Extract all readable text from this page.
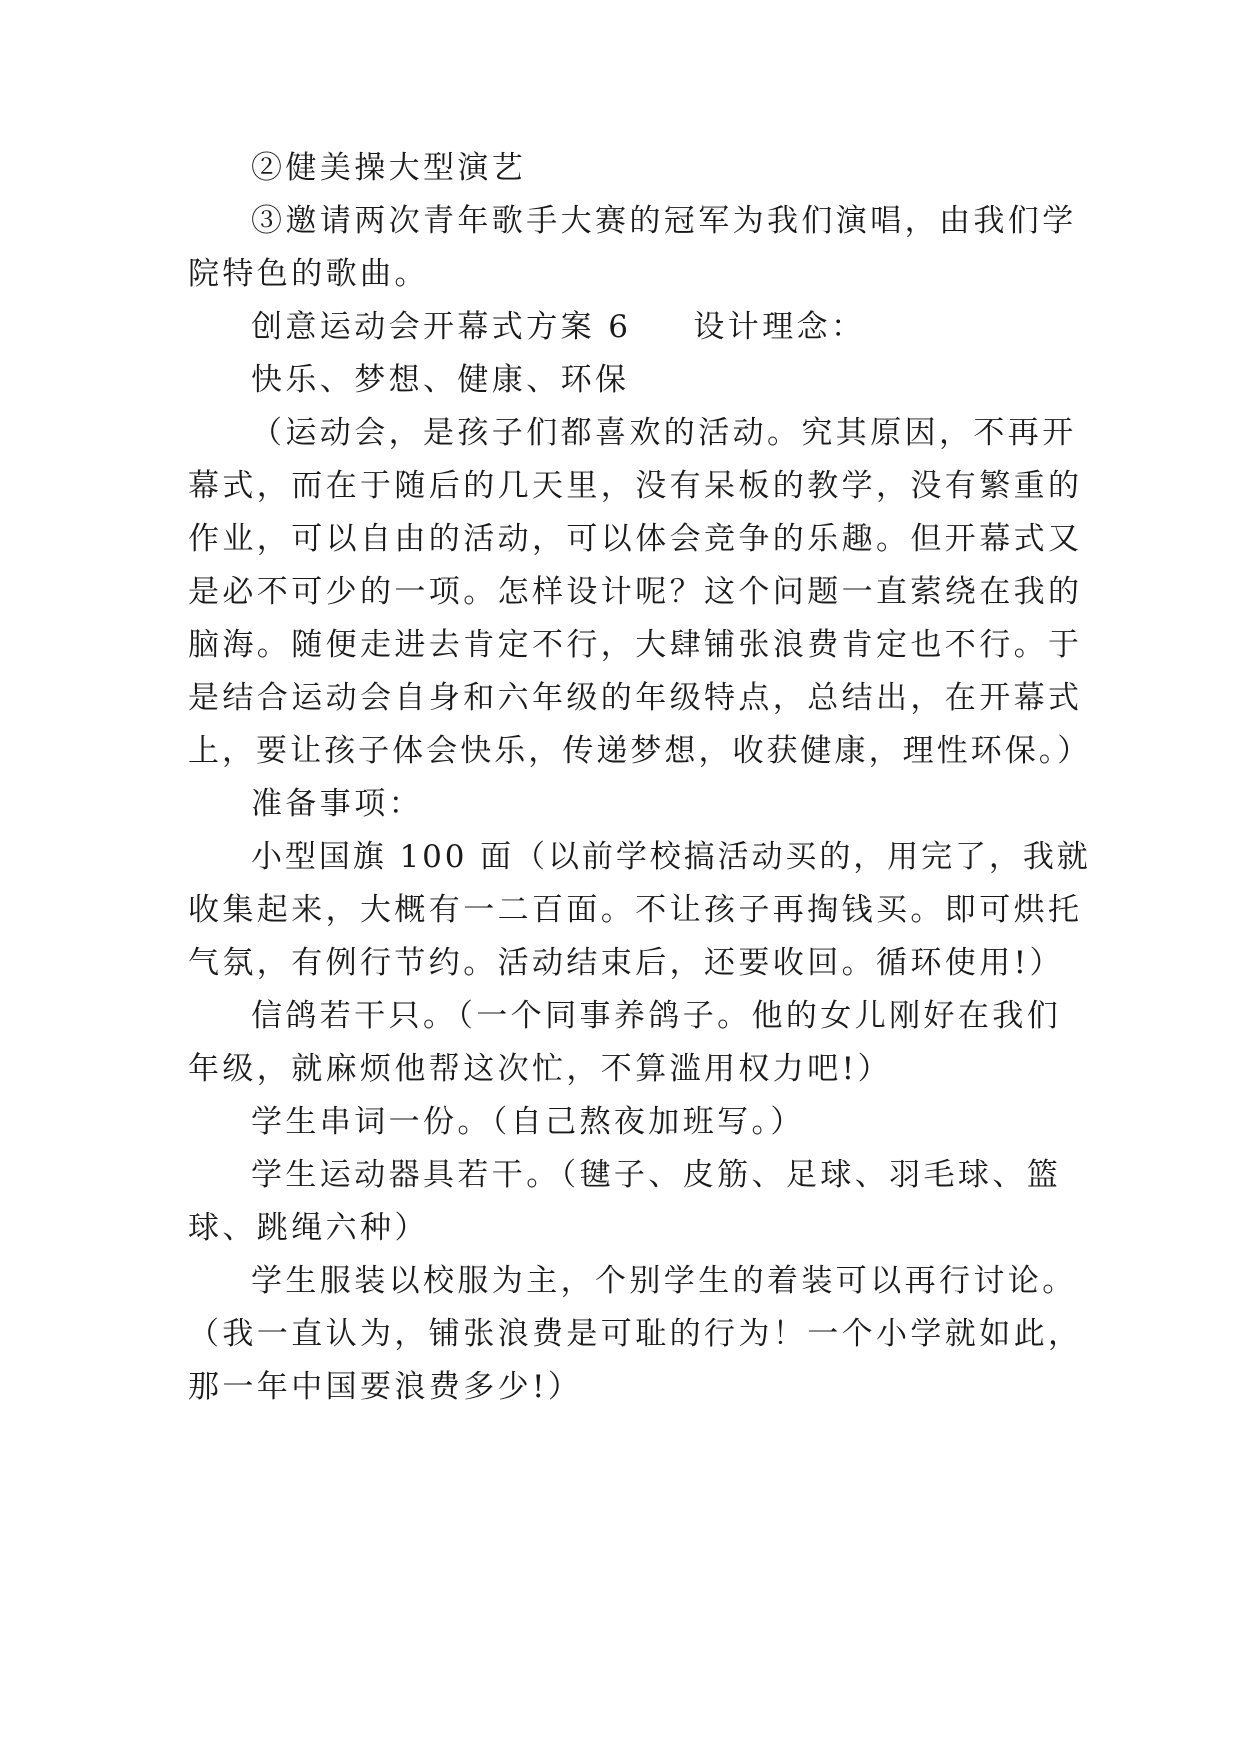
②健美操大型演艺
③邀请两次青年歌手大赛的冠军为我们演唱，由我们学
院特色的歌曲。
创意运动会开幕式方案 6 设计理念：
快乐、梦想、健康、环保
（运动会，是孩子们都喜欢的活动。究其原因，不再开
幕式，而在于随后的几天里，没有呆板的教学，没有繁重的
作业，可以自由的活动，可以体会竞争的乐趣。但开幕式又
是必不可少的一项。怎样设计呢？这个问题一直萦绕在我的
脑海。随便走进去肯定不行，大肆铺张浪费肯定也不行。于
是结合运动会自身和六年级的年级特点，总结出，在开幕式
上，要让孩子体会快乐，传递梦想，收获健康，理性环保。）
准备事项：
小型国旗 100 面（以前学校搞活动买的，用完了，我就
收集起来，大概有一二百面。不让孩子再掏钱买。即可烘托
气氛，有例行节约。活动结束后，还要收回。循环使用!）
信鸽若干只。（一个同事养鸽子。他的女儿刚好在我们
年级，就麻烦他帮这次忙，不算滥用权力吧!）
学生串词一份。（自己熬夜加班写。）
学生运动器具若干。（毽子、皮筋、足球、羽毛球、篮
球、跳绳六种）
学生服装以校服为主，个别学生的着装可以再行讨论。
（我一直认为，铺张浪费是可耻的行为！一个小学就如此，
那一年中国要浪费多少!）
